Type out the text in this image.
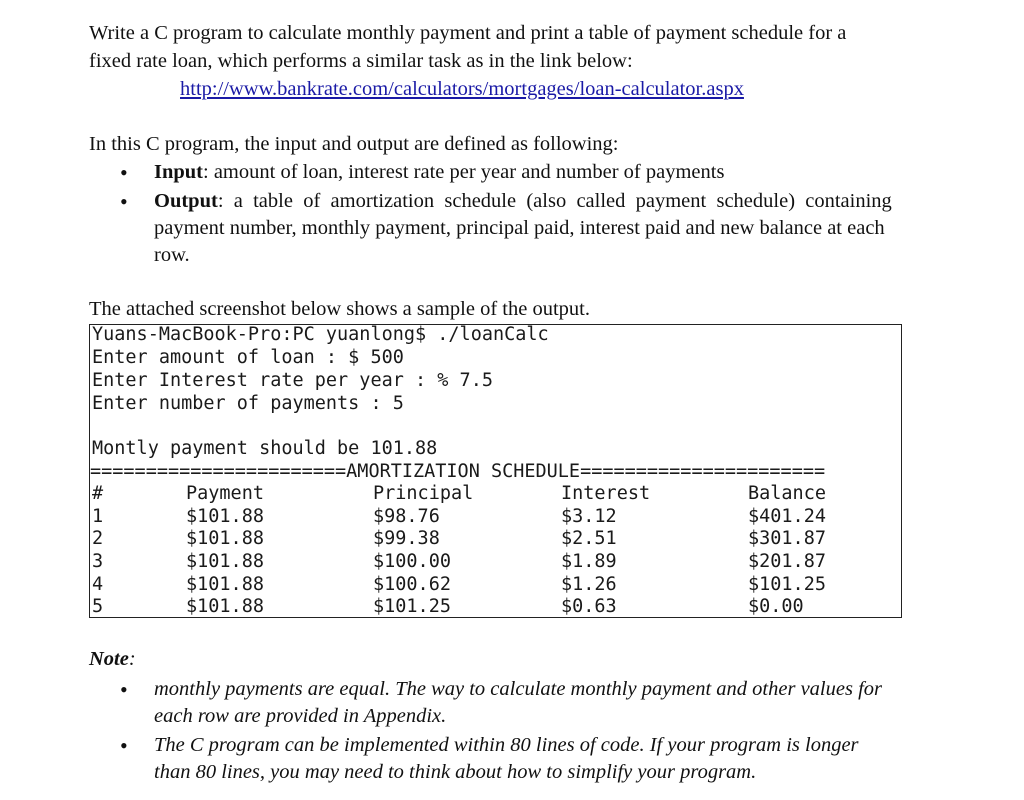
Write a C program to calculate monthly payment and print a table of payment schedule for a
fixed rate loan, which performs a similar task as in the link below:
http://www.bankrate.com/calculators/mortgages/loan-calculator.aspx
In this C program, the input and output are defined as following:
• Input: amount of loan, interest rate per year and number of payments
• Output:  a  table  of  amortization  schedule  (also  called  payment  schedule)  containing
payment number, monthly payment, principal paid, interest paid and new balance at each
row.
The attached screenshot below shows a sample of the output.
Yuans-MacBook-Pro:PC yuanlong$ ./loanCalc
Enter amount of loan : $ 500
Enter Interest rate per year : % 7.5
Enter number of payments : 5
Montly payment should be 101.88
=======================AMORTIZATION SCHEDULE======================
#	Payment	Principal	Interest	Balance
1	$101.88	$98.76	$3.12	$401.24
2	$101.88	$99.38	$2.51	$301.87
3	$101.88	$100.00	$1.89	$201.87
4	$101.88	$100.62	$1.26	$101.25
5	$101.88	$101.25	$0.63	$0.00
Note:
• monthly payments are equal. The way to calculate monthly payment and other values for
each row are provided in Appendix.
• The C program can be implemented within 80 lines of code. If your program is longer
than 80 lines, you may need to think about how to simplify your program.
